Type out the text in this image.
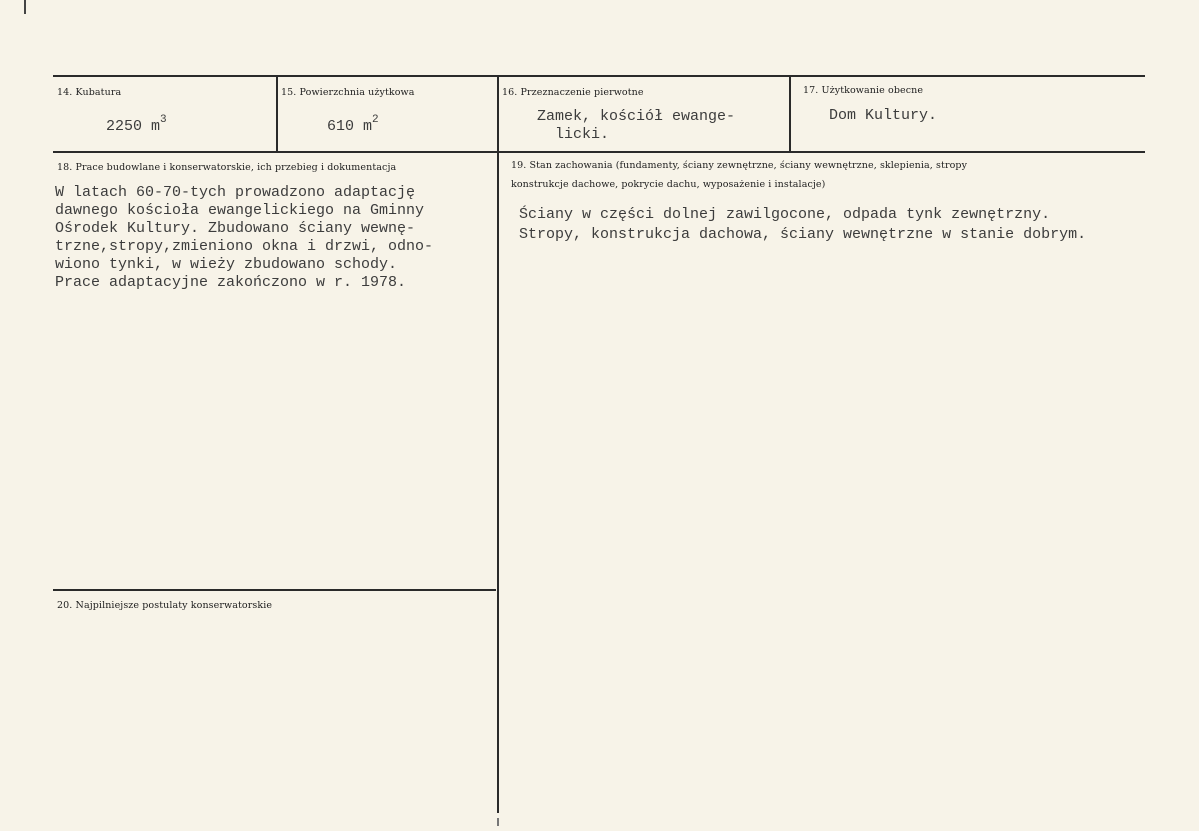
14. Kubatura
2250 $m^3$
15. Powierzchnia użytkowa
610 $m^2$
16. Przeznaczenie pierwotne
Zamek, kościół ewange-
licki.
17. Użytkowanie obecne
Dom Kultury.
18. Prace budowlane i konserwatorskie, ich przebieg i dokumentacja
W latach 60-70-tych prowadzono adaptację
dawnego kościoła ewangelickiego na Gminny
Ośrodek Kultury. Zbudowano ściany wewnę-
trzne,stropy,zmieniono okna i drzwi, odno-
wiono tynki, w wieży zbudowano schody.
Prace adaptacyjne zakończono w r. 1978.
19. Stan zachowania (fundamenty, ściany zewnętrzne, ściany wewnętrzne, sklepienia, stropy
konstrukcje dachowe, pokrycie dachu, wyposażenie i instalacje)
Ściany w części dolnej zawilgocone, odpada tynk zewnętrzny.
Stropy, konstrukcja dachowa, ściany wewnętrzne w stanie dobrym.
20. Najpilniejsze postulaty konserwatorskie
